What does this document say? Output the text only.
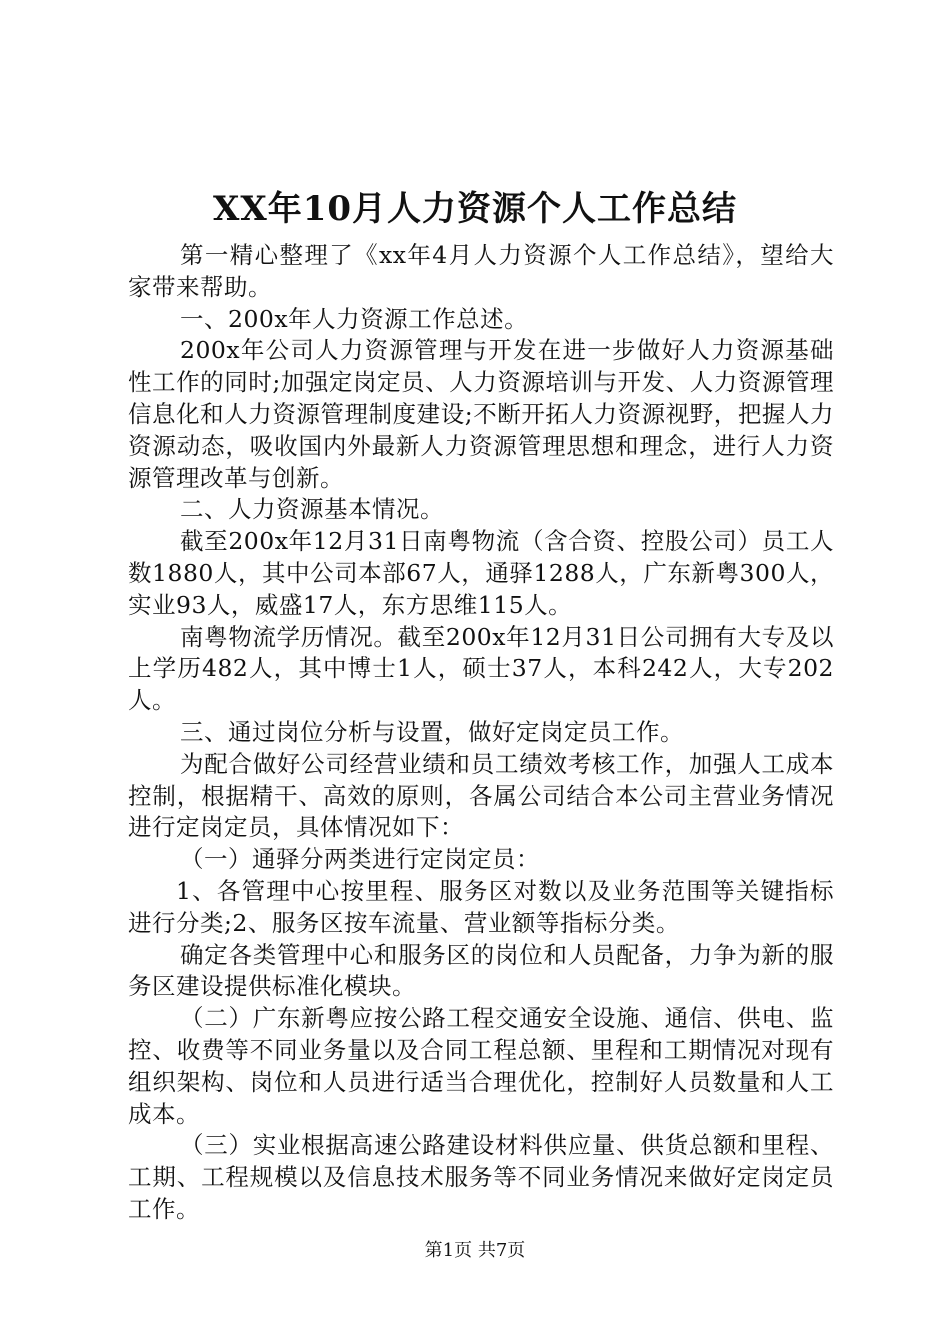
XX年10月人力资源个人工作总结

第一精心整理了《xx年4月人力资源个人工作总结》，望给大家带来帮助。

一、200x年人力资源工作总述。

200x年公司人力资源管理与开发在进一步做好人力资源基础性工作的同时;加强定岗定员、人力资源培训与开发、人力资源管理信息化和人力资源管理制度建设;不断开拓人力资源视野，把握人力资源动态，吸收国内外最新人力资源管理思想和理念，进行人力资源管理改革与创新。

二、人力资源基本情况。

截至200x年12月31日南粤物流（含合资、控股公司）员工人数1880人，其中公司本部67人，通驿1288人，广东新粤300人，实业93人，威盛17人，东方思维115人。

南粤物流学历情况。截至200x年12月31日公司拥有大专及以上学历482人，其中博士1人，硕士37人，本科242人，大专202人。

三、通过岗位分析与设置，做好定岗定员工作。

为配合做好公司经营业绩和员工绩效考核工作，加强人工成本控制，根据精干、高效的原则，各属公司结合本公司主营业务情况进行定岗定员，具体情况如下：

（一）通驿分两类进行定岗定员：

1、各管理中心按里程、服务区对数以及业务范围等关键指标进行分类;2、服务区按车流量、营业额等指标分类。

确定各类管理中心和服务区的岗位和人员配备，力争为新的服务区建设提供标准化模块。

（二）广东新粤应按公路工程交通安全设施、通信、供电、监控、收费等不同业务量以及合同工程总额、里程和工期情况对现有组织架构、岗位和人员进行适当合理优化，控制好人员数量和人工成本。

（三）实业根据高速公路建设材料供应量、供货总额和里程、工期、工程规模以及信息技术服务等不同业务情况来做好定岗定员工作。

第1页 共7页
